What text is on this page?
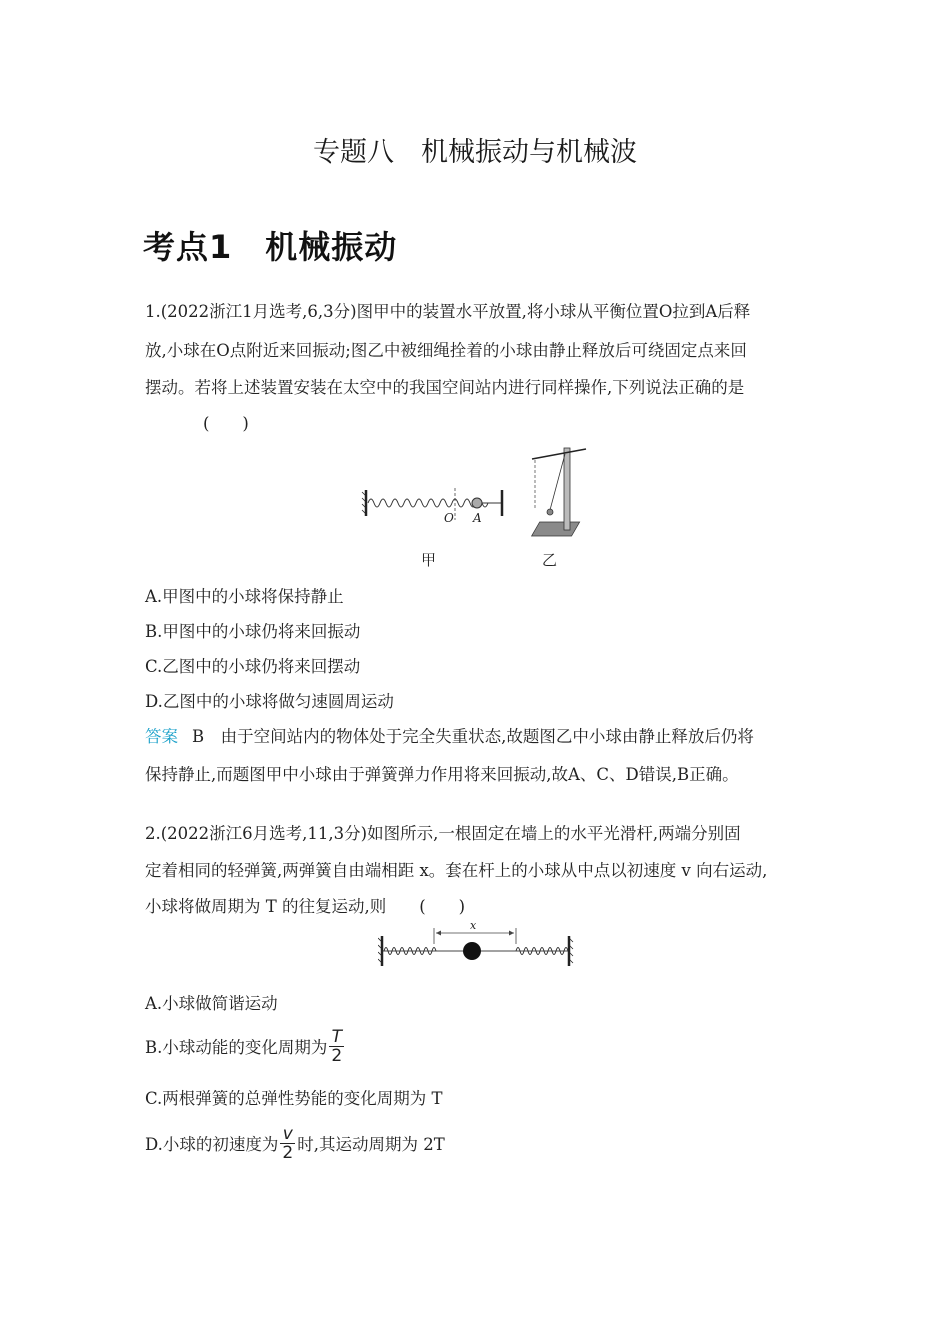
专题八　机械振动与机械波
考点1　机械振动
1.(2022浙江1月选考,6,3分)图甲中的装置水平放置,将小球从平衡位置O拉到A后释
放,小球在O点附近来回振动;图乙中被细绳拴着的小球由静止释放后可绕固定点来回
摆动。若将上述装置安装在太空中的我国空间站内进行同样操作,下列说法正确的是
(　　)
O A
甲	乙
A.甲图中的小球将保持静止
B.甲图中的小球仍将来回振动
C.乙图中的小球仍将来回摆动
D.乙图中的小球将做匀速圆周运动
答案 B　由于空间站内的物体处于完全失重状态,故题图乙中小球由静止释放后仍将
保持静止,而题图甲中小球由于弹簧弹力作用将来回振动,故A、C、D错误,B正确。
2.(2022浙江6月选考,11,3分)如图所示,一根固定在墙上的水平光滑杆,两端分别固
定着相同的轻弹簧,两弹簧自由端相距 x。套在杆上的小球从中点以初速度 v 向右运动,
小球将做周期为 T 的往复运动,则　　(　　)
x
A.小球做简谐运动
B.小球动能的变化周期为 $\frac{T}{2}$
C.两根弹簧的总弹性势能的变化周期为 T
D.小球的初速度为 $\frac{v}{2}$ 时,其运动周期为 2T
